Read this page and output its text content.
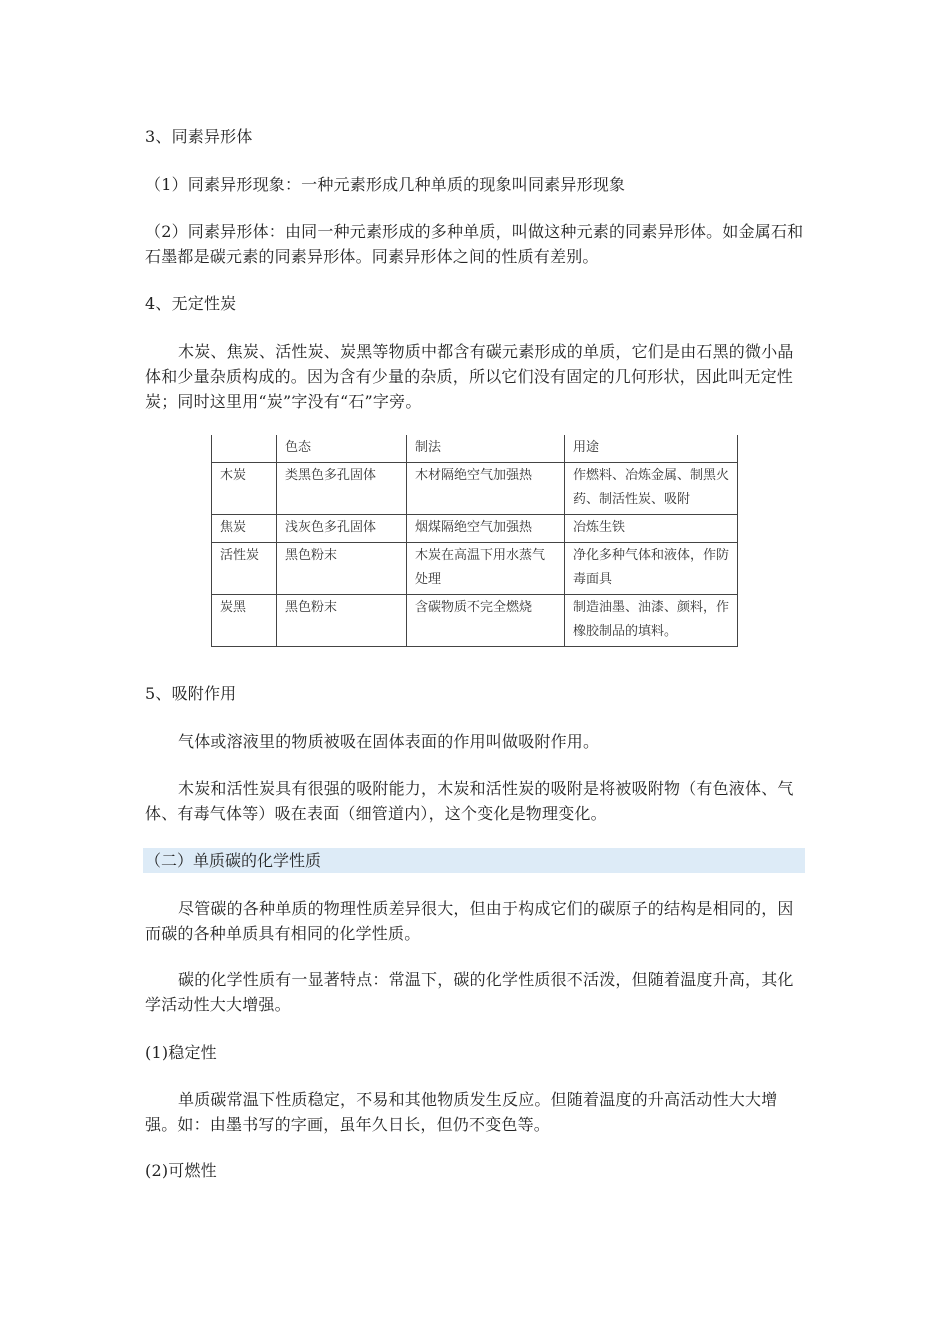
3、同素异形体

（1）同素异形现象：一种元素形成几种单质的现象叫同素异形现象

（2）同素异形体：由同一种元素形成的多种单质，叫做这种元素的同素异形体。如金属石和石墨都是碳元素的同素异形体。同素异形体之间的性质有差别。

4、无定性炭

木炭、焦炭、活性炭、炭黑等物质中都含有碳元素形成的单质，它们是由石黑的微小晶体和少量杂质构成的。因为含有少量的杂质，所以它们没有固定的几何形状，因此叫无定性炭；同时这里用“炭”字没有“石”字旁。

	色态	制法	用途
木炭	类黑色多孔固体	木材隔绝空气加强热	作燃料、冶炼金属、制黑火药、制活性炭、吸附
焦炭	浅灰色多孔固体	烟煤隔绝空气加强热	冶炼生铁
活性炭	黑色粉末	木炭在高温下用水蒸气处理	净化多种气体和液体，作防毒面具
炭黑	黑色粉末	含碳物质不完全燃烧	制造油墨、油漆、颜料，作橡胶制品的填料。

5、吸附作用

气体或溶液里的物质被吸在固体表面的作用叫做吸附作用。

木炭和活性炭具有很强的吸附能力，木炭和活性炭的吸附是将被吸附物（有色液体、气体、有毒气体等）吸在表面（细管道内），这个变化是物理变化。

（二）单质碳的化学性质

尽管碳的各种单质的物理性质差异很大，但由于构成它们的碳原子的结构是相同的，因而碳的各种单质具有相同的化学性质。

碳的化学性质有一显著特点：常温下，碳的化学性质很不活泼，但随着温度升高，其化学活动性大大增强。

(1)稳定性

单质碳常温下性质稳定，不易和其他物质发生反应。但随着温度的升高活动性大大增强。如：由墨书写的字画，虽年久日长，但仍不变色等。

(2)可燃性
